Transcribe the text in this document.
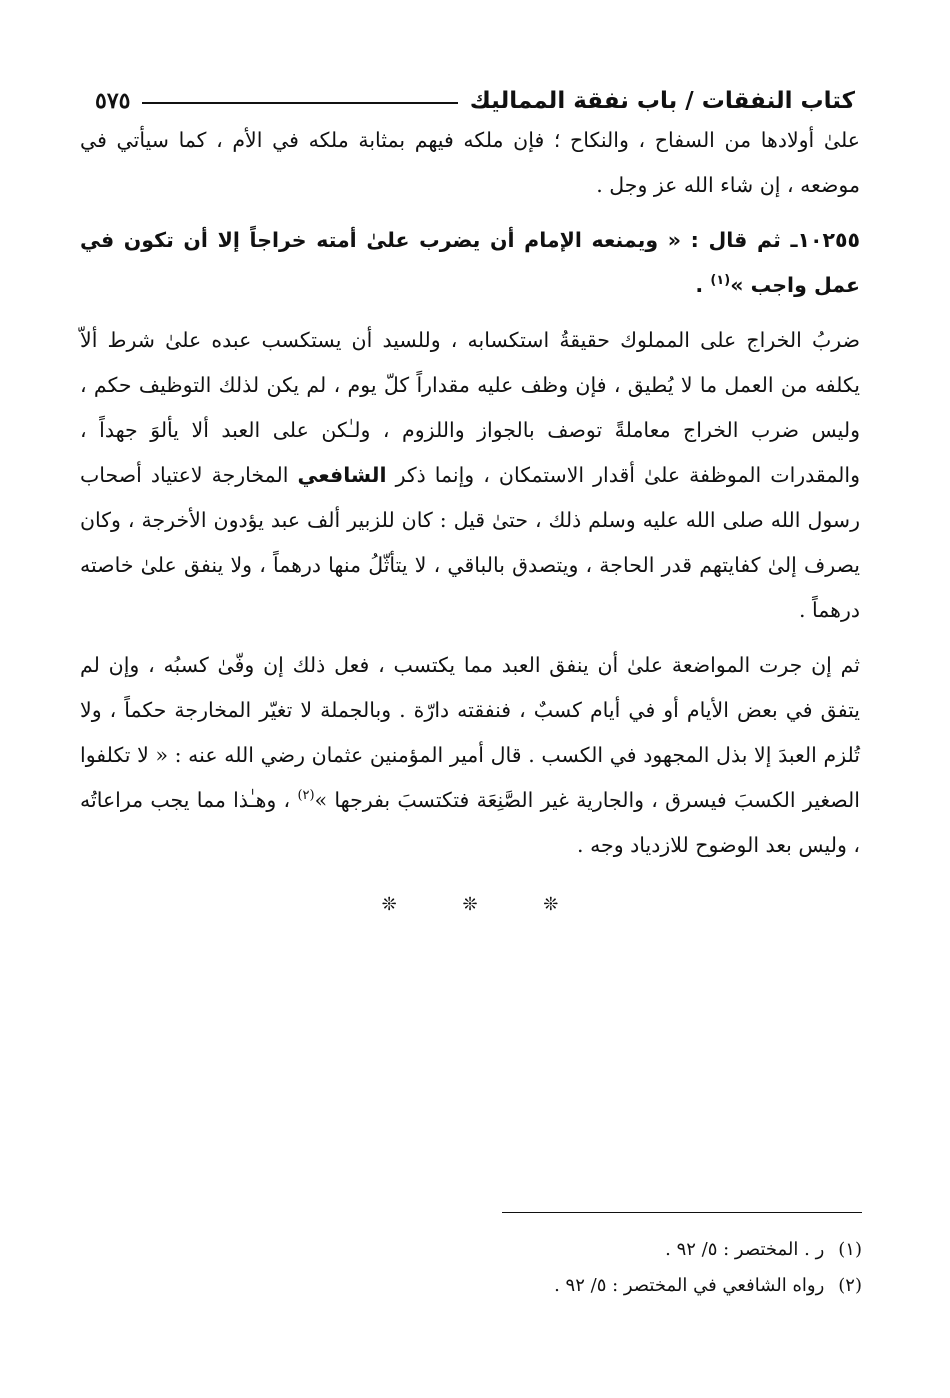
كتاب النفقات / باب نفقة المماليك
٥٧٥

علىٰ أولادها من السفاح ، والنكاح ؛ فإن ملكه فيهم بمثابة ملكه في الأم ، كما سيأتي في موضعه ، إن شاء الله عز وجل .

١٠٢٥٥ـ ثم قال : « ويمنعه الإمام أن يضرب علىٰ أمته خراجاً إلا أن تكون في عمل واجب »$^{(١)}$ .

ضربُ الخراج على المملوك حقيقةُ استكسابه ، وللسيد أن يستكسب عبده علىٰ شرط ألاّ يكلفه من العمل ما لا يُطيق ، فإن وظف عليه مقداراً كلّ يوم ، لم يكن لذلك التوظيف حكم ، وليس ضرب الخراج معاملةً توصف بالجواز واللزوم ، ولـٰكن على العبد ألا يألوَ جهداً ، والمقدرات الموظفة علىٰ أقدار الاستمكان ، وإنما ذكر الشافعي المخارجة لاعتياد أصحاب رسول الله صلى الله عليه وسلم ذلك ، حتىٰ قيل : كان للزبير ألف عبد يؤدون الأخرجة ، وكان يصرف إلىٰ كفايتهم قدر الحاجة ، ويتصدق بالباقي ، لا يتأثّلُ منها درهماً ، ولا ينفق علىٰ خاصته درهماً .

ثم إن جرت المواضعة علىٰ أن ينفق العبد مما يكتسب ، فعل ذلك إن وفّىٰ كسبُه ، وإن لم يتفق في بعض الأيام أو في أيام كسبٌ ، فنفقته دارّة . وبالجملة لا تغيّر المخارجة حكماً ، ولا تُلزم العبدَ إلا بذل المجهود في الكسب . قال أمير المؤمنين عثمان رضي الله عنه : « لا تكلفوا الصغير الكسبَ فيسرق ، والجارية غير الصَّنِعَة فتكتسبَ بفرجها »$^{(٢)}$ ، وهـٰذا مما يجب مراعاتُه ، وليس بعد الوضوح للازدياد وجه .

❊ ❊ ❊
(١)
ر . المختصر : ٥/ ٩٢ .
(٢)
رواه الشافعي في المختصر : ٥/ ٩٢ .
